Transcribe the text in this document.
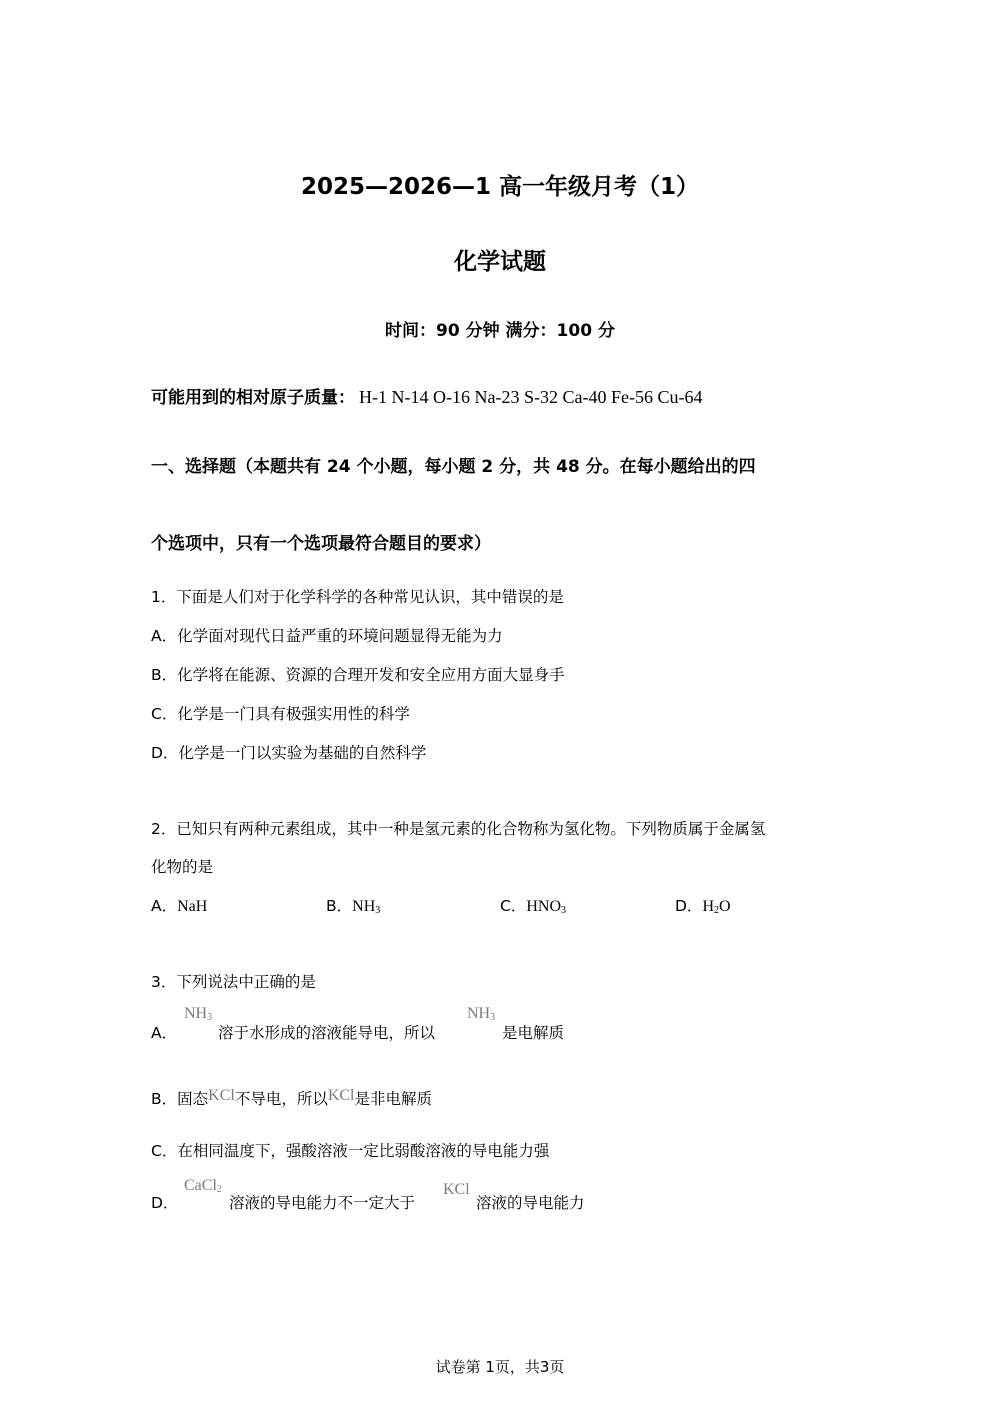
2025—2026—1 高一年级月考（1）
化学试题
时间：90 分钟 满分：100 分
可能用到的相对原子质量： H-1 N-14 O-16 Na-23 S-32 Ca-40 Fe-56 Cu-64
一、选择题（本题共有 24 个小题，每小题 2 分，共 48 分。在每小题给出的四
个选项中，只有一个选项最符合题目的要求）
1．下面是人们对于化学科学的各种常见认识，其中错误的是
A．化学面对现代日益严重的环境问题显得无能为力
B．化学将在能源、资源的合理开发和安全应用方面大显身手
C．化学是一门具有极强实用性的科学
D．化学是一门以实验为基础的自然科学
2．已知只有两种元素组成，其中一种是氢元素的化合物称为氢化物。下列物质属于金属氢
化物的是
A．NaH	B．$NH_3$	C．$HNO_3$	D．$H_2O$
3．下列说法中正确的是
A．
$NH_3$
溶于水形成的溶液能导电，所以
$NH_3$
是电解质
B．固态KCl不导电，所以KCl是非电解质
C．在相同温度下，强酸溶液一定比弱酸溶液的导电能力强
D．
CaCl$_2$
溶液的导电能力不一定大于
KCl
溶液的导电能力
试卷第 1页，共3页
